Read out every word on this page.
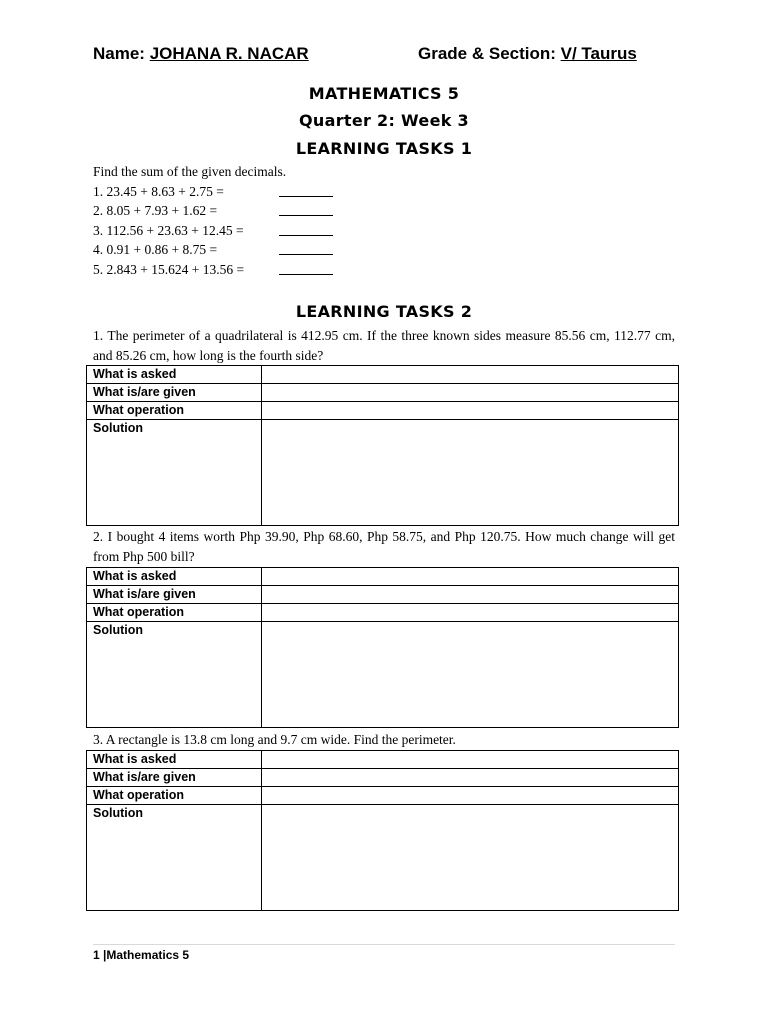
Name: JOHANA R. NACAR	Grade & Section: V/ Taurus
MATHEMATICS 5
Quarter 2: Week 3
LEARNING TASKS 1
Find the sum of the given decimals.
1. 23.45 + 8.63 + 2.75 =
2. 8.05 + 7.93 + 1.62 =
3. 112.56 + 23.63 + 12.45 =
4. 0.91 + 0.86 + 8.75 =
5. 2.843 + 15.624 + 13.56 =
LEARNING TASKS 2
1. The perimeter of a quadrilateral is 412.95 cm. If the three known sides measure 85.56 cm, 112.77 cm, and 85.26 cm, how long is the fourth side?
What is asked	
What is/are given	
What operation	
Solution	
2. I bought 4 items worth Php 39.90, Php 68.60, Php 58.75, and Php 120.75. How much change will get from Php 500 bill?
What is asked	
What is/are given	
What operation	
Solution	
3. A rectangle is 13.8 cm long and 9.7 cm wide. Find the perimeter.
What is asked	
What is/are given	
What operation	
Solution	
1 |Mathematics 5
